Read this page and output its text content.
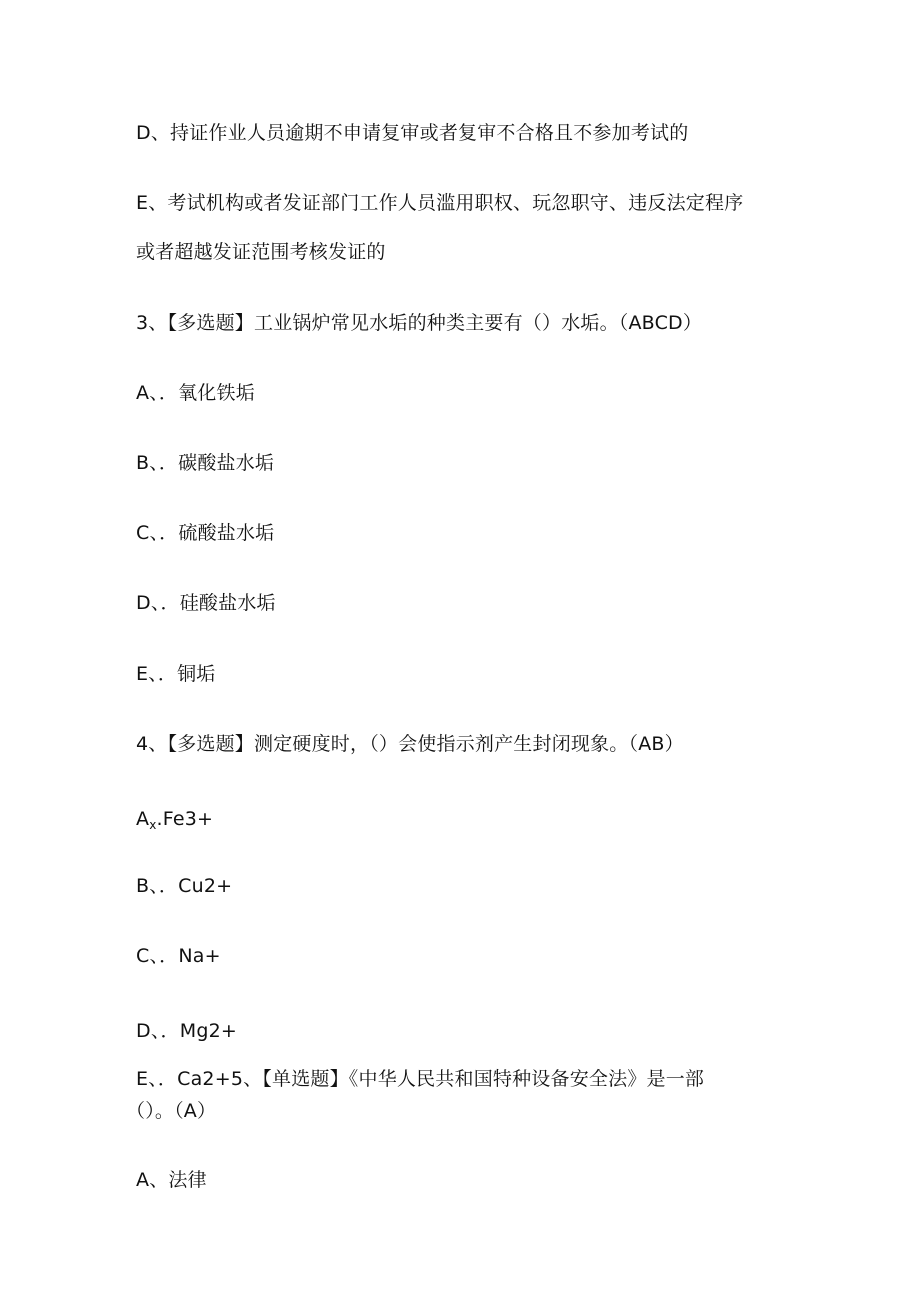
D、持证作业人员逾期不申请复审或者复审不合格且不参加考试的
E、考试机构或者发证部门工作人员滥用职权、玩忽职守、违反法定程序
或者超越发证范围考核发证的
3、【多选题】工业锅炉常见水垢的种类主要有（）水垢。（ABCD）
A、．氧化铁垢
B、．碳酸盐水垢
C、．硫酸盐水垢
D、．硅酸盐水垢
E、．铜垢
4、【多选题】测定硬度时，（）会使指示剂产生封闭现象。（AB）
$A_x.Fe3+$
B、．Cu2+
C、．Na+
D、．Mg2+
E、．Ca2+5、【单选题】《中华人民共和国特种设备安全法》是一部
（）。（A）
A、法律
